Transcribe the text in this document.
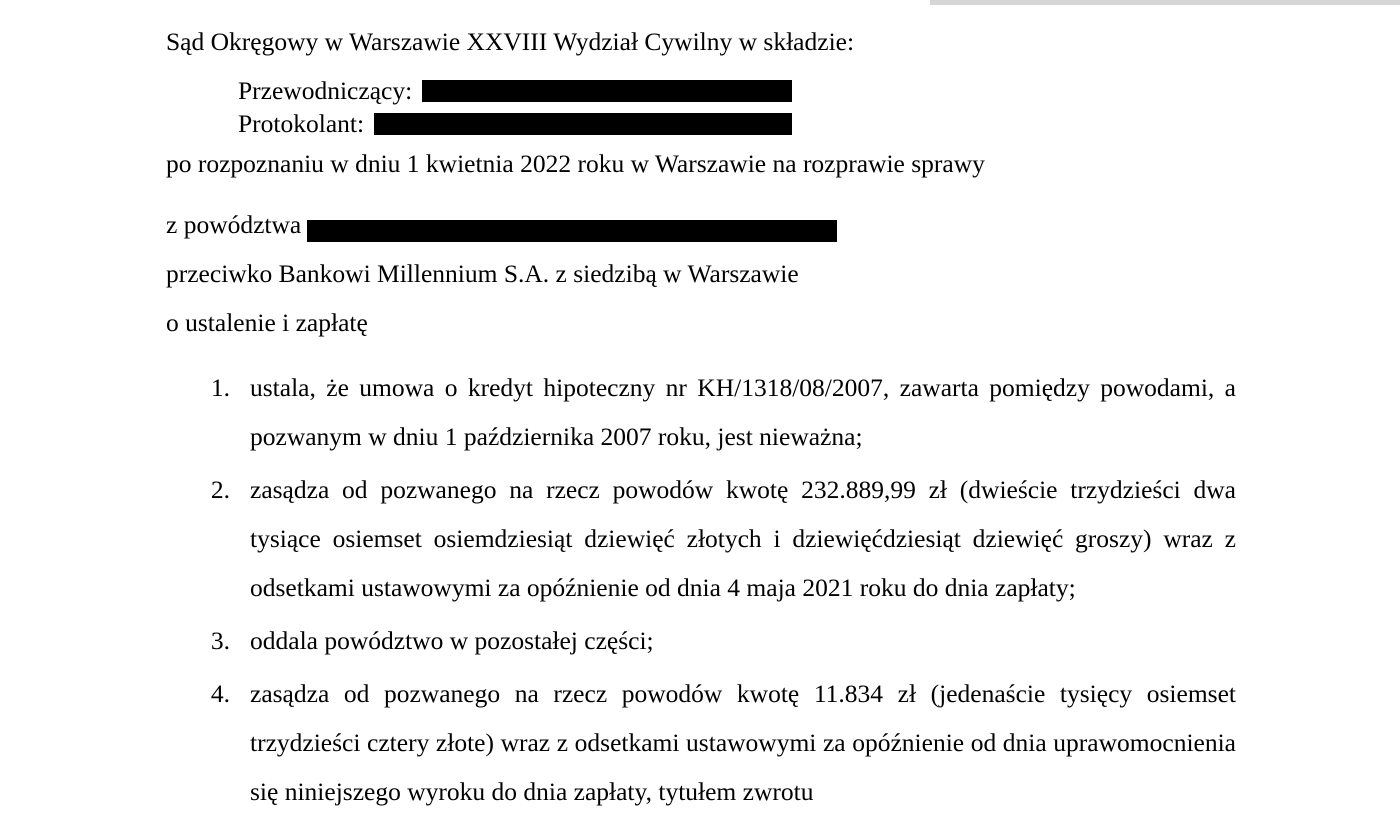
Sąd Okręgowy w Warszawie XXVIII Wydział Cywilny w składzie:

Przewodniczący:
Protokolant:

po rozpoznaniu w dniu 1 kwietnia 2022 roku w Warszawie na rozprawie sprawy

z powództwa

przeciwko Bankowi Millennium S.A. z siedzibą w Warszawie

o ustalenie i zapłatę

ustala, że umowa o kredyt hipoteczny nr KH/1318/08/2007, zawarta pomiędzy powodami, a pozwanym w dniu 1 października 2007 roku, jest nieważna;
zasądza od pozwanego na rzecz powodów kwotę 232.889,99 zł (dwieście trzydzieści dwa tysiące osiemset osiemdziesiąt dziewięć złotych i dziewięćdziesiąt dziewięć groszy) wraz z odsetkami ustawowymi za opóźnienie od dnia 4 maja 2021 roku do dnia zapłaty;
oddala powództwo w pozostałej części;
zasądza od pozwanego na rzecz powodów kwotę 11.834 zł (jedenaście tysięcy osiemset trzydzieści cztery złote) wraz z odsetkami ustawowymi za opóźnienie od dnia uprawomocnienia się niniejszego wyroku do dnia zapłaty, tytułem zwrotu
